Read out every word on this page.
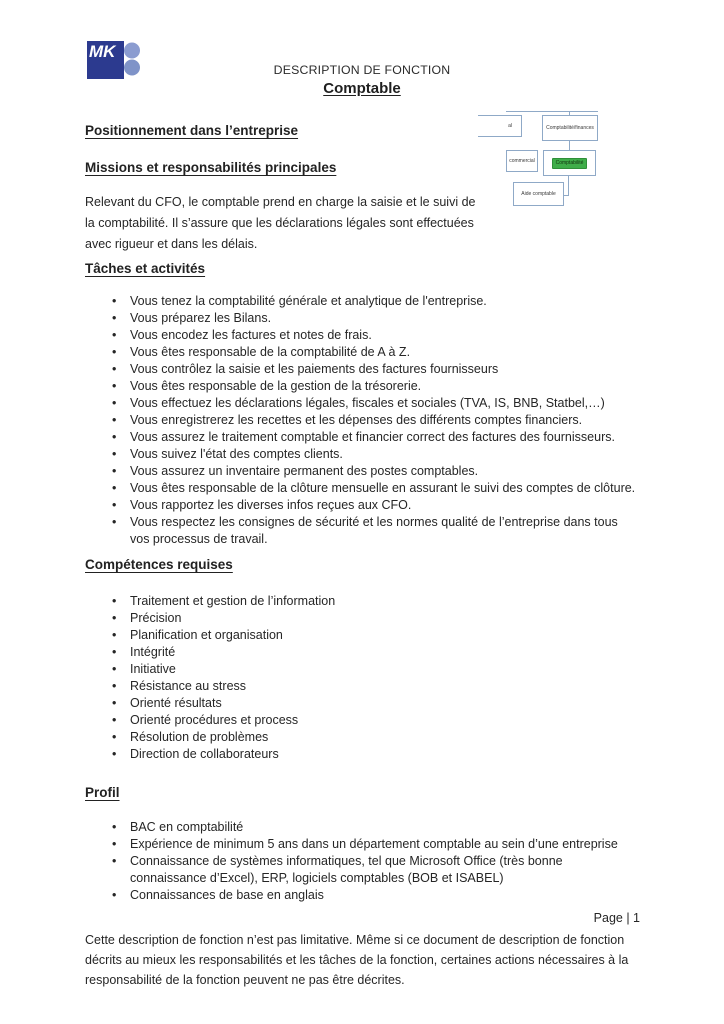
MK
DESCRIPTION DE FONCTION
Comptable
al	Comptabilité/finances
commercial	Comptabilité
Aide comptable
Positionnement dans l’entreprise
Missions et responsabilités principales
Relevant du CFO, le comptable prend en charge la saisie et le suivi de la comptabilité. Il s’assure que les déclarations légales sont effectuées avec rigueur et dans les délais.
Tâches et activités
• Vous tenez la comptabilité générale et analytique de l'entreprise.
• Vous préparez les Bilans.
• Vous encodez les factures et notes de frais.
• Vous êtes responsable de la comptabilité de A à Z.
• Vous contrôlez la saisie et les paiements des factures fournisseurs
• Vous êtes responsable de la gestion de la trésorerie.
• Vous effectuez les déclarations légales, fiscales et sociales (TVA, IS, BNB, Statbel,…)
• Vous enregistrerez les recettes et les dépenses des différents comptes financiers.
• Vous assurez le traitement comptable et financier correct des factures des fournisseurs.
• Vous suivez l'état des comptes clients.
• Vous assurez un inventaire permanent des postes comptables.
• Vous êtes responsable de la clôture mensuelle en assurant le suivi des comptes de clôture.
• Vous rapportez les diverses infos reçues aux CFO.
• Vous respectez les consignes de sécurité et les normes qualité de l’entreprise dans tous vos processus de travail.
Compétences requises
• Traitement et gestion de l’information
• Précision
• Planification et organisation
• Intégrité
• Initiative
• Résistance au stress
• Orienté résultats
• Orienté procédures et process
• Résolution de problèmes
• Direction de collaborateurs
Profil
• BAC en comptabilité
• Expérience de minimum 5 ans dans un département comptable au sein d’une entreprise
• Connaissance de systèmes informatiques, tel que Microsoft Office (très bonne connaissance d’Excel), ERP, logiciels comptables (BOB et ISABEL)
• Connaissances de base en anglais
Page | 1
Cette description de fonction n’est pas limitative. Même si ce document de description de fonction décrits au mieux les responsabilités et les tâches de la fonction, certaines actions nécessaires à la responsabilité de la fonction peuvent ne pas être décrites.
